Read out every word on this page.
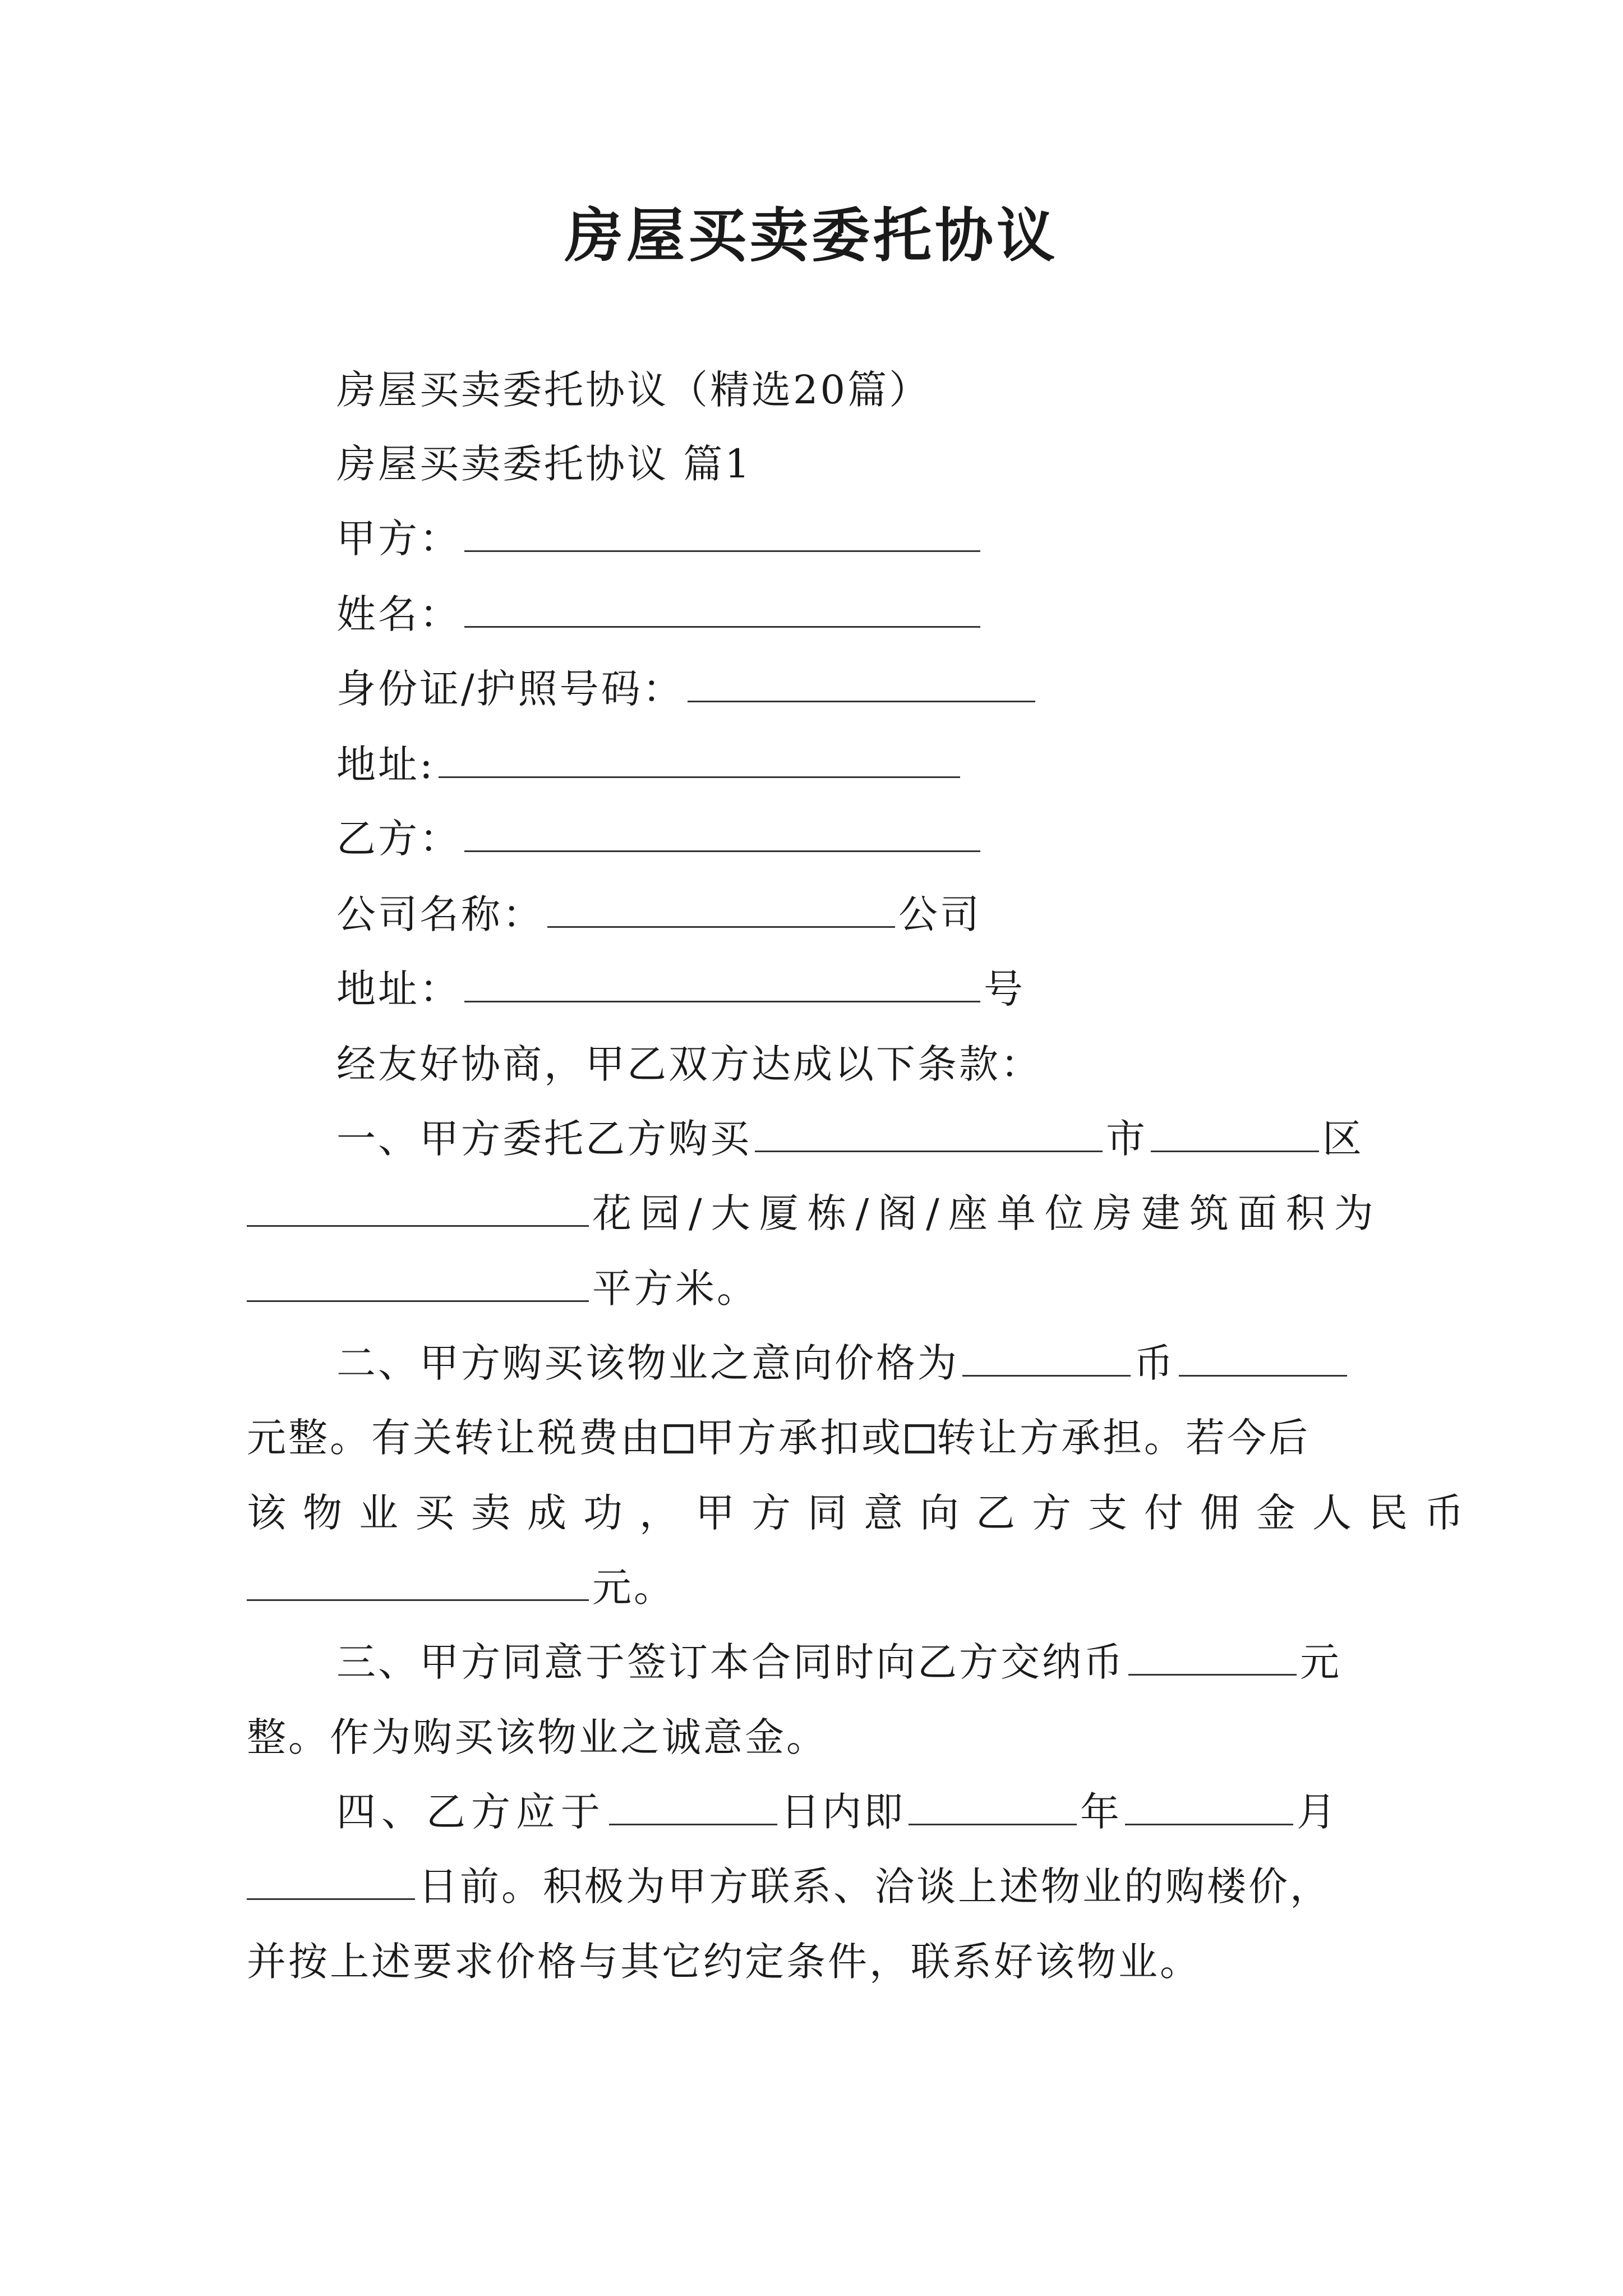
房屋买卖委托协议
房屋买卖委托协议（精选20篇）
房屋买卖委托协议 篇1
甲方：
姓名：
身份证/护照号码：
地址:
乙方：
公司名称：	公司
地址：	号
经友好协商，甲乙双方达成以下条款：
一、甲方委托乙方购买	市	区
花园/大厦栋/阁/座单位房建筑面积为
平方米。
二、甲方购买该物业之意向价格为	币
元整。有关转让税费由 甲方承扣或 转让方承担。若今后
该物业买卖成功，甲方同意向乙方支付佣金人民币
元。
三、甲方同意于签订本合同时向乙方交纳币	元
整。作为购买该物业之诚意金。
四、乙方应于	日内即	年	月
日前。积极为甲方联系、洽谈上述物业的购楼价，
并按上述要求价格与其它约定条件，联系好该物业。
